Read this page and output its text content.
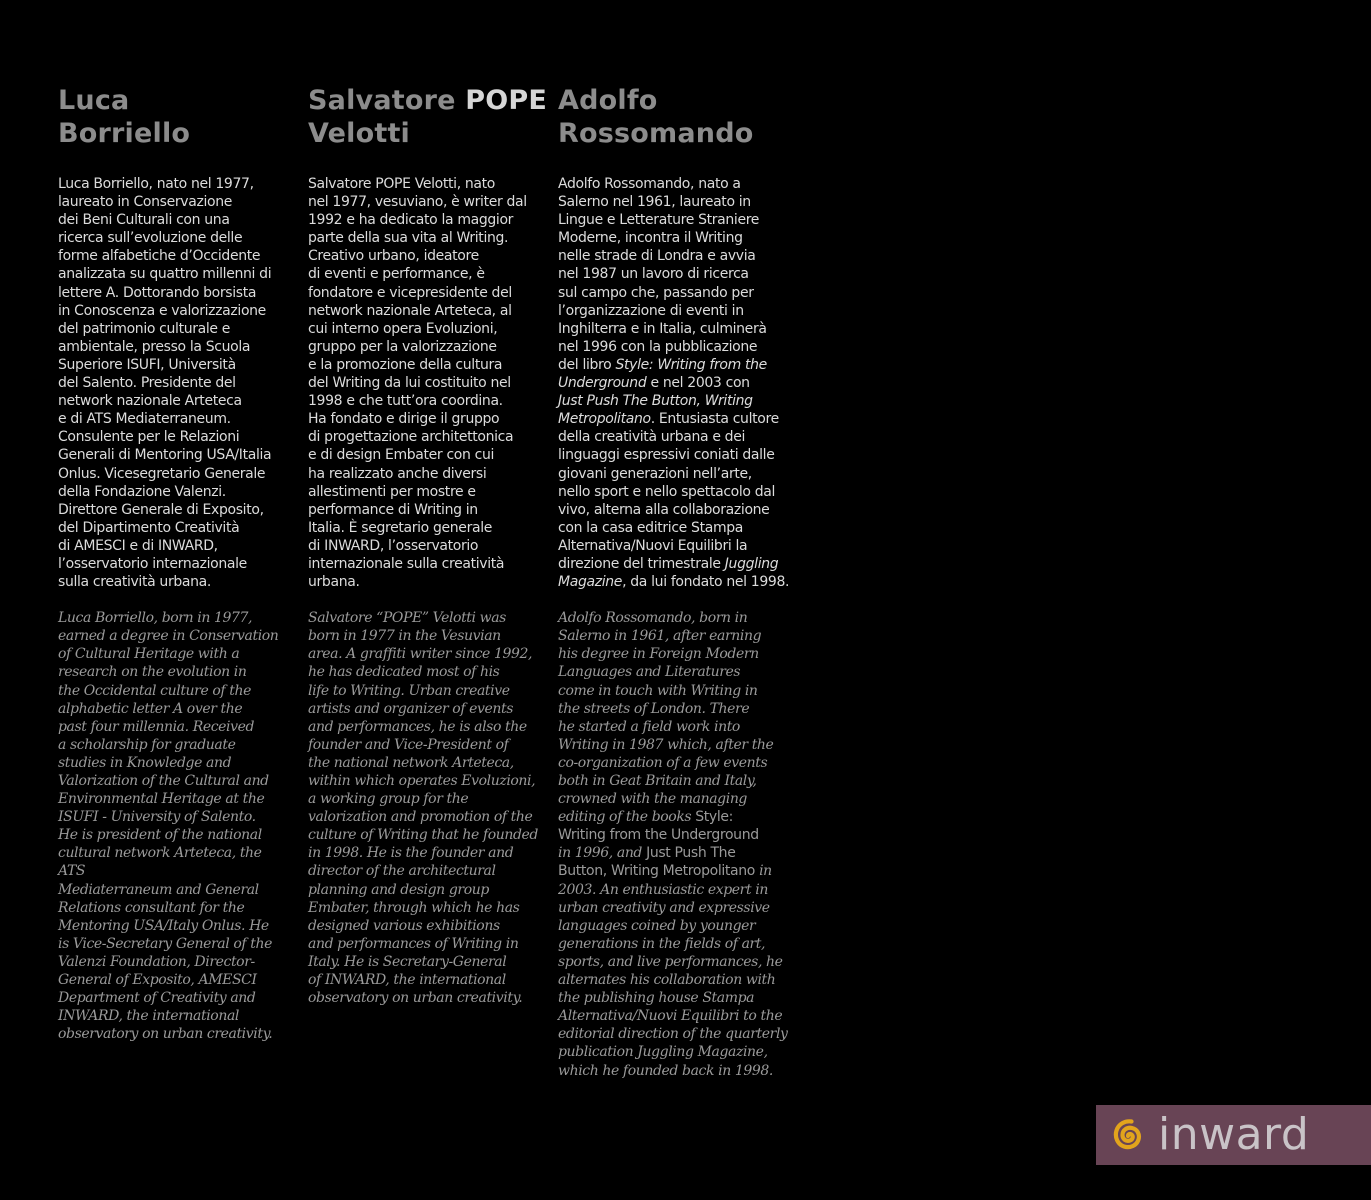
Luca
Borriello

Luca Borriello, nato nel 1977,
laureato in Conservazione
dei Beni Culturali con una
ricerca sull’evoluzione delle
forme alfabetiche d’Occidente
analizzata su quattro millenni di
lettere A. Dottorando borsista
in Conoscenza e valorizzazione
del patrimonio culturale e
ambientale, presso la Scuola
Superiore ISUFI, Università
del Salento. Presidente del
network nazionale Arteteca
e di ATS Mediaterraneum.
Consulente per le Relazioni
Generali di Mentoring USA/Italia
Onlus. Vicesegretario Generale
della Fondazione Valenzi.
Direttore Generale di Exposito,
del Dipartimento Creatività
di AMESCI e di INWARD,
l’osservatorio internazionale
sulla creatività urbana.

Luca Borriello, born in 1977,
earned a degree in Conservation
of Cultural Heritage with a
research on the evolution in
the Occidental culture of the
alphabetic letter A over the
past four millennia. Received
a scholarship for graduate
studies in Knowledge and
Valorization of the Cultural and
Environmental Heritage at the
ISUFI - University of Salento.
He is president of the national
cultural network Arteteca, the ATS
Mediaterraneum and General
Relations consultant for the
Mentoring USA/Italy Onlus. He
is Vice-Secretary General of the
Valenzi Foundation, Director-
General of Exposito, AMESCI
Department of Creativity and
INWARD, the international
observatory on urban creativity.

Salvatore POPE
Velotti

Salvatore POPE Velotti, nato
nel 1977, vesuviano, è writer dal
1992 e ha dedicato la maggior
parte della sua vita al Writing.
Creativo urbano, ideatore
di eventi e performance, è
fondatore e vicepresidente del
network nazionale Arteteca, al
cui interno opera Evoluzioni,
gruppo per la valorizzazione
e la promozione della cultura
del Writing da lui costituito nel
1998 e che tutt’ora coordina.
Ha fondato e dirige il gruppo
di progettazione architettonica
e di design Embater con cui
ha realizzato anche diversi
allestimenti per mostre e
performance di Writing in
Italia. È segretario generale
di INWARD, l’osservatorio
internazionale sulla creatività
urbana.

Salvatore “POPE” Velotti was
born in 1977 in the Vesuvian
area. A graffiti writer since 1992,
he has dedicated most of his
life to Writing. Urban creative
artists and organizer of events
and performances, he is also the
founder and Vice-President of
the national network Arteteca,
within which operates Evoluzioni,
a working group for the
valorization and promotion of the
culture of Writing that he founded
in 1998. He is the founder and
director of the architectural
planning and design group
Embater, through which he has
designed various exhibitions
and performances of Writing in
Italy. He is Secretary-General
of INWARD, the international
observatory on urban creativity.

Adolfo
Rossomando

Adolfo Rossomando, nato a
Salerno nel 1961, laureato in
Lingue e Letterature Straniere
Moderne, incontra il Writing
nelle strade di Londra e avvia
nel 1987 un lavoro di ricerca
sul campo che, passando per
l’organizzazione di eventi in
Inghilterra e in Italia, culminerà
nel 1996 con la pubblicazione
del libro Style: Writing from the
Underground e nel 2003 con
Just Push The Button, Writing
Metropolitano. Entusiasta cultore
della creatività urbana e dei
linguaggi espressivi coniati dalle
giovani generazioni nell’arte,
nello sport e nello spettacolo dal
vivo, alterna alla collaborazione
con la casa editrice Stampa
Alternativa/Nuovi Equilibri la
direzione del trimestrale Juggling
Magazine, da lui fondato nel 1998.

Adolfo Rossomando, born in
Salerno in 1961, after earning
his degree in Foreign Modern
Languages and Literatures
come in touch with Writing in
the streets of London. There
he started a field work into
Writing in 1987 which, after the
co-organization of a few events
both in Geat Britain and Italy,
crowned with the managing
editing of the books Style:
Writing from the Underground
in 1996, and Just Push The
Button, Writing Metropolitano in
2003. An enthusiastic expert in
urban creativity and expressive
languages coined by younger
generations in the fields of art,
sports, and live performances, he
alternates his collaboration with
the publishing house Stampa
Alternativa/Nuovi Equilibri to the
editorial direction of the quarterly
publication Juggling Magazine,
which he founded back in 1998.

inward
